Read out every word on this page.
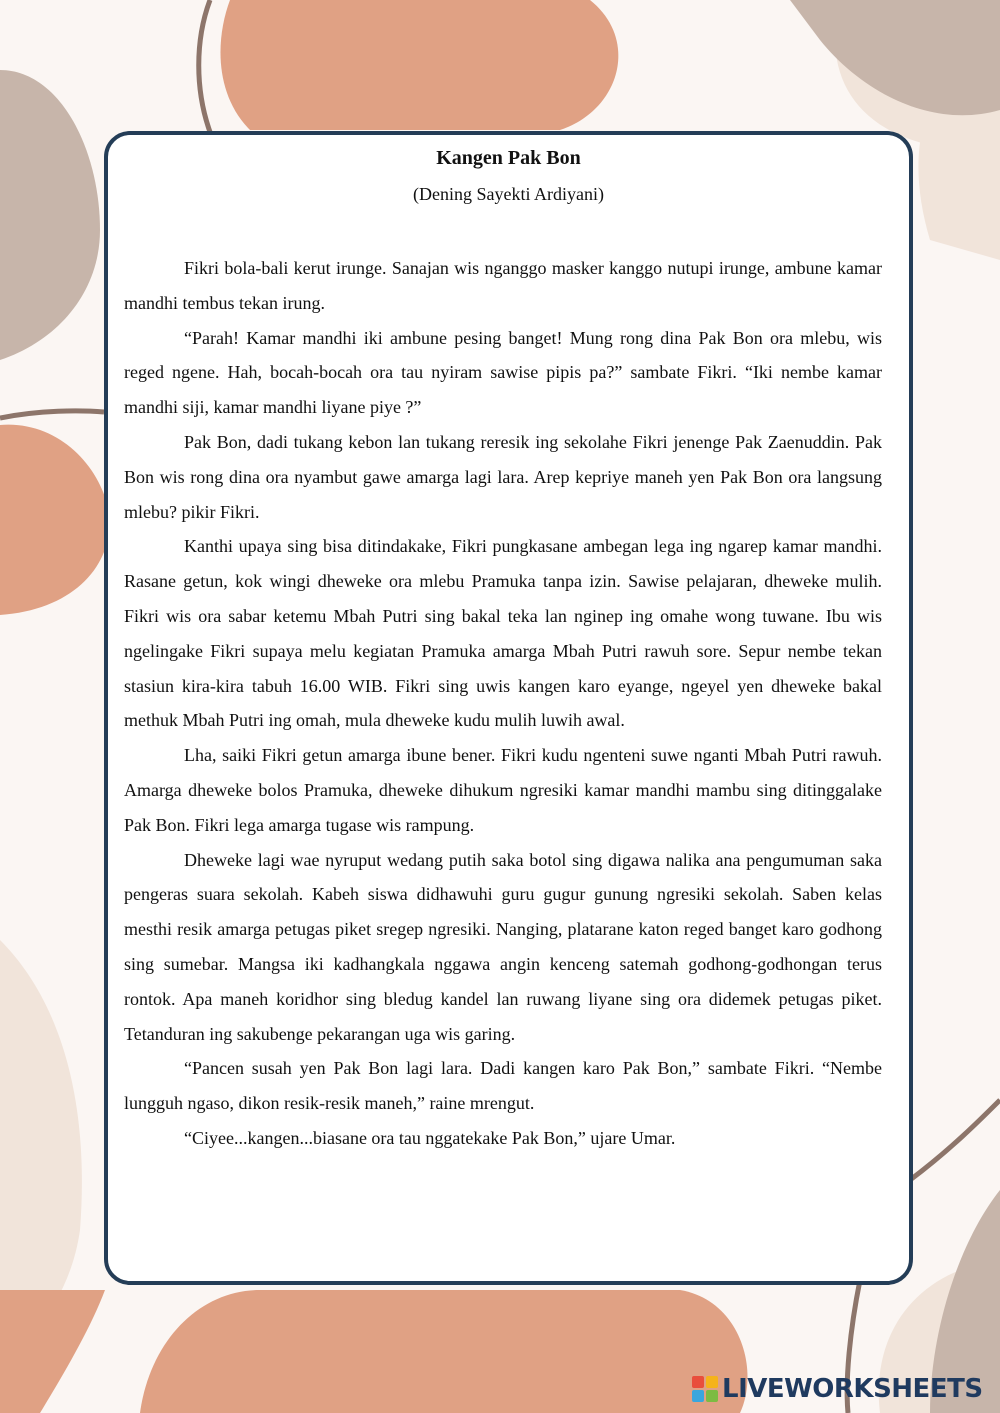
Kangen Pak Bon

(Dening Sayekti Ardiyani)

Fikri bola-bali kerut irunge. Sanajan wis nganggo masker kanggo nutupi irunge, ambune kamar mandhi tembus tekan irung.

“Parah! Kamar mandhi iki ambune pesing banget! Mung rong dina Pak Bon ora mlebu, wis reged ngene. Hah, bocah-bocah ora tau nyiram sawise pipis pa?” sambate Fikri. “Iki nembe kamar mandhi siji, kamar mandhi liyane piye ?”

Pak Bon, dadi tukang kebon lan tukang reresik ing sekolahe Fikri jenenge Pak Zaenuddin. Pak Bon wis rong dina ora nyambut gawe amarga lagi lara. Arep kepriye maneh yen Pak Bon ora langsung mlebu? pikir Fikri.

Kanthi upaya sing bisa ditindakake, Fikri pungkasane ambegan lega ing ngarep kamar mandhi. Rasane getun, kok wingi dheweke ora mlebu Pramuka tanpa izin. Sawise pelajaran, dheweke mulih. Fikri wis ora sabar ketemu Mbah Putri sing bakal teka lan nginep ing omahe wong tuwane. Ibu wis ngelingake Fikri supaya melu kegiatan Pramuka amarga Mbah Putri rawuh sore. Sepur nembe tekan stasiun kira-kira tabuh 16.00 WIB. Fikri sing uwis kangen karo eyange, ngeyel yen dheweke bakal methuk Mbah Putri ing omah, mula dheweke kudu mulih luwih awal.

Lha, saiki Fikri getun amarga ibune bener. Fikri kudu ngenteni suwe nganti Mbah Putri rawuh. Amarga dheweke bolos Pramuka, dheweke dihukum ngresiki kamar mandhi mambu sing ditinggalake Pak Bon. Fikri lega amarga tugase wis rampung.

Dheweke lagi wae nyruput wedang putih saka botol sing digawa nalika ana pengumuman saka pengeras suara sekolah. Kabeh siswa didhawuhi guru gugur gunung ngresiki sekolah. Saben kelas mesthi resik amarga petugas piket sregep ngresiki. Nanging, platarane katon reged banget karo godhong sing sumebar. Mangsa iki kadhangkala nggawa angin kenceng satemah godhong-godhongan terus rontok. Apa maneh koridhor sing bledug kandel lan ruwang liyane sing ora didemek petugas piket. Tetanduran ing sakubenge pekarangan uga wis garing.

“Pancen susah yen Pak Bon lagi lara. Dadi kangen karo Pak Bon,” sambate Fikri. “Nembe lungguh ngaso, dikon resik-resik maneh,” raine mrengut.

“Ciyee...kangen...biasane ora tau nggatekake Pak Bon,” ujare Umar.

LIVEWORKSHEETS
